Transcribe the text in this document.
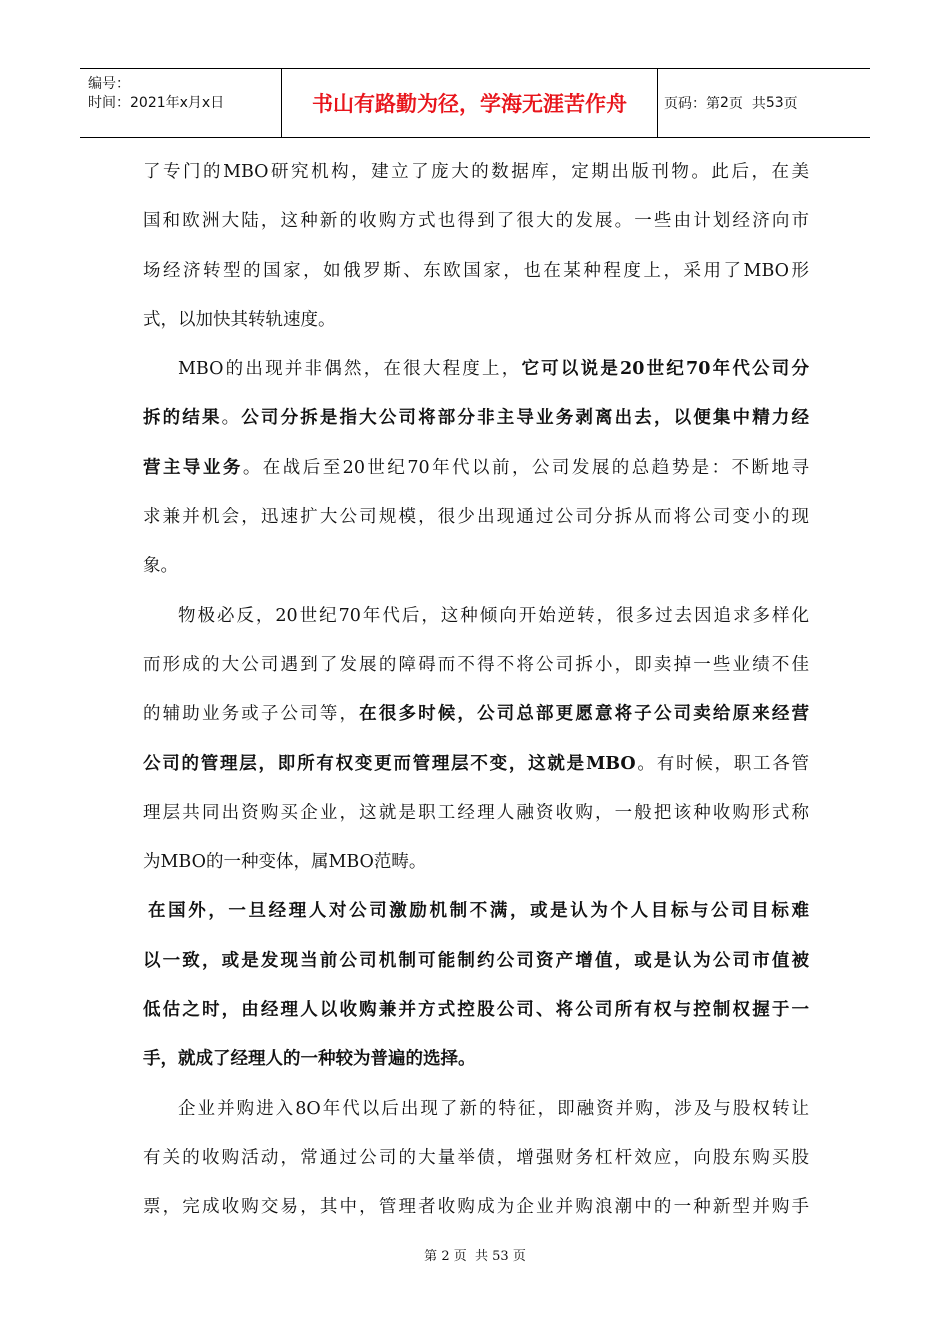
编号：
时间：2021年x月x日	书山有路勤为径，学海无涯苦作舟	页码：第 2 页  共 53 页
了专门的MBO研究机构，建立了庞大的数据库，定期出版刊物。此后，在美
国和欧洲大陆，这种新的收购方式也得到了很大的发展。一些由计划经济向市
场经济转型的国家，如俄罗斯、东欧国家，也在某种程度上，采用了MBO形
式，以加快其转轨速度。
MBO的出现并非偶然，在很大程度上，它可以说是20世纪70年代公司分
拆的结果。公司分拆是指大公司将部分非主导业务剥离出去，以便集中精力经
营主导业务。在战后至20世纪70年代以前，公司发展的总趋势是：不断地寻
求兼并机会，迅速扩大公司规模，很少出现通过公司分拆从而将公司变小的现
象。
物极必反，20世纪70年代后，这种倾向开始逆转，很多过去因追求多样化
而形成的大公司遇到了发展的障碍而不得不将公司拆小，即卖掉一些业绩不佳
的辅助业务或子公司等，在很多时候，公司总部更愿意将子公司卖给原来经营
公司的管理层，即所有权变更而管理层不变，这就是MBO。有时候，职工各管
理层共同出资购买企业，这就是职工经理人融资收购，一般把该种收购形式称
为MBO的一种变体，属MBO范畴。
在国外，一旦经理人对公司激励机制不满，或是认为个人目标与公司目标难
以一致，或是发现当前公司机制可能制约公司资产增值，或是认为公司市值被
低估之时，由经理人以收购兼并方式控股公司、将公司所有权与控制权握于一
手，就成了经理人的一种较为普遍的选择。
企业并购进入8O年代以后出现了新的特征，即融资并购，涉及与股权转让
有关的收购活动，常通过公司的大量举债，增强财务杠杆效应，向股东购买股
票，完成收购交易，其中，管理者收购成为企业并购浪潮中的一种新型并购手
第 2 页  共 53 页
